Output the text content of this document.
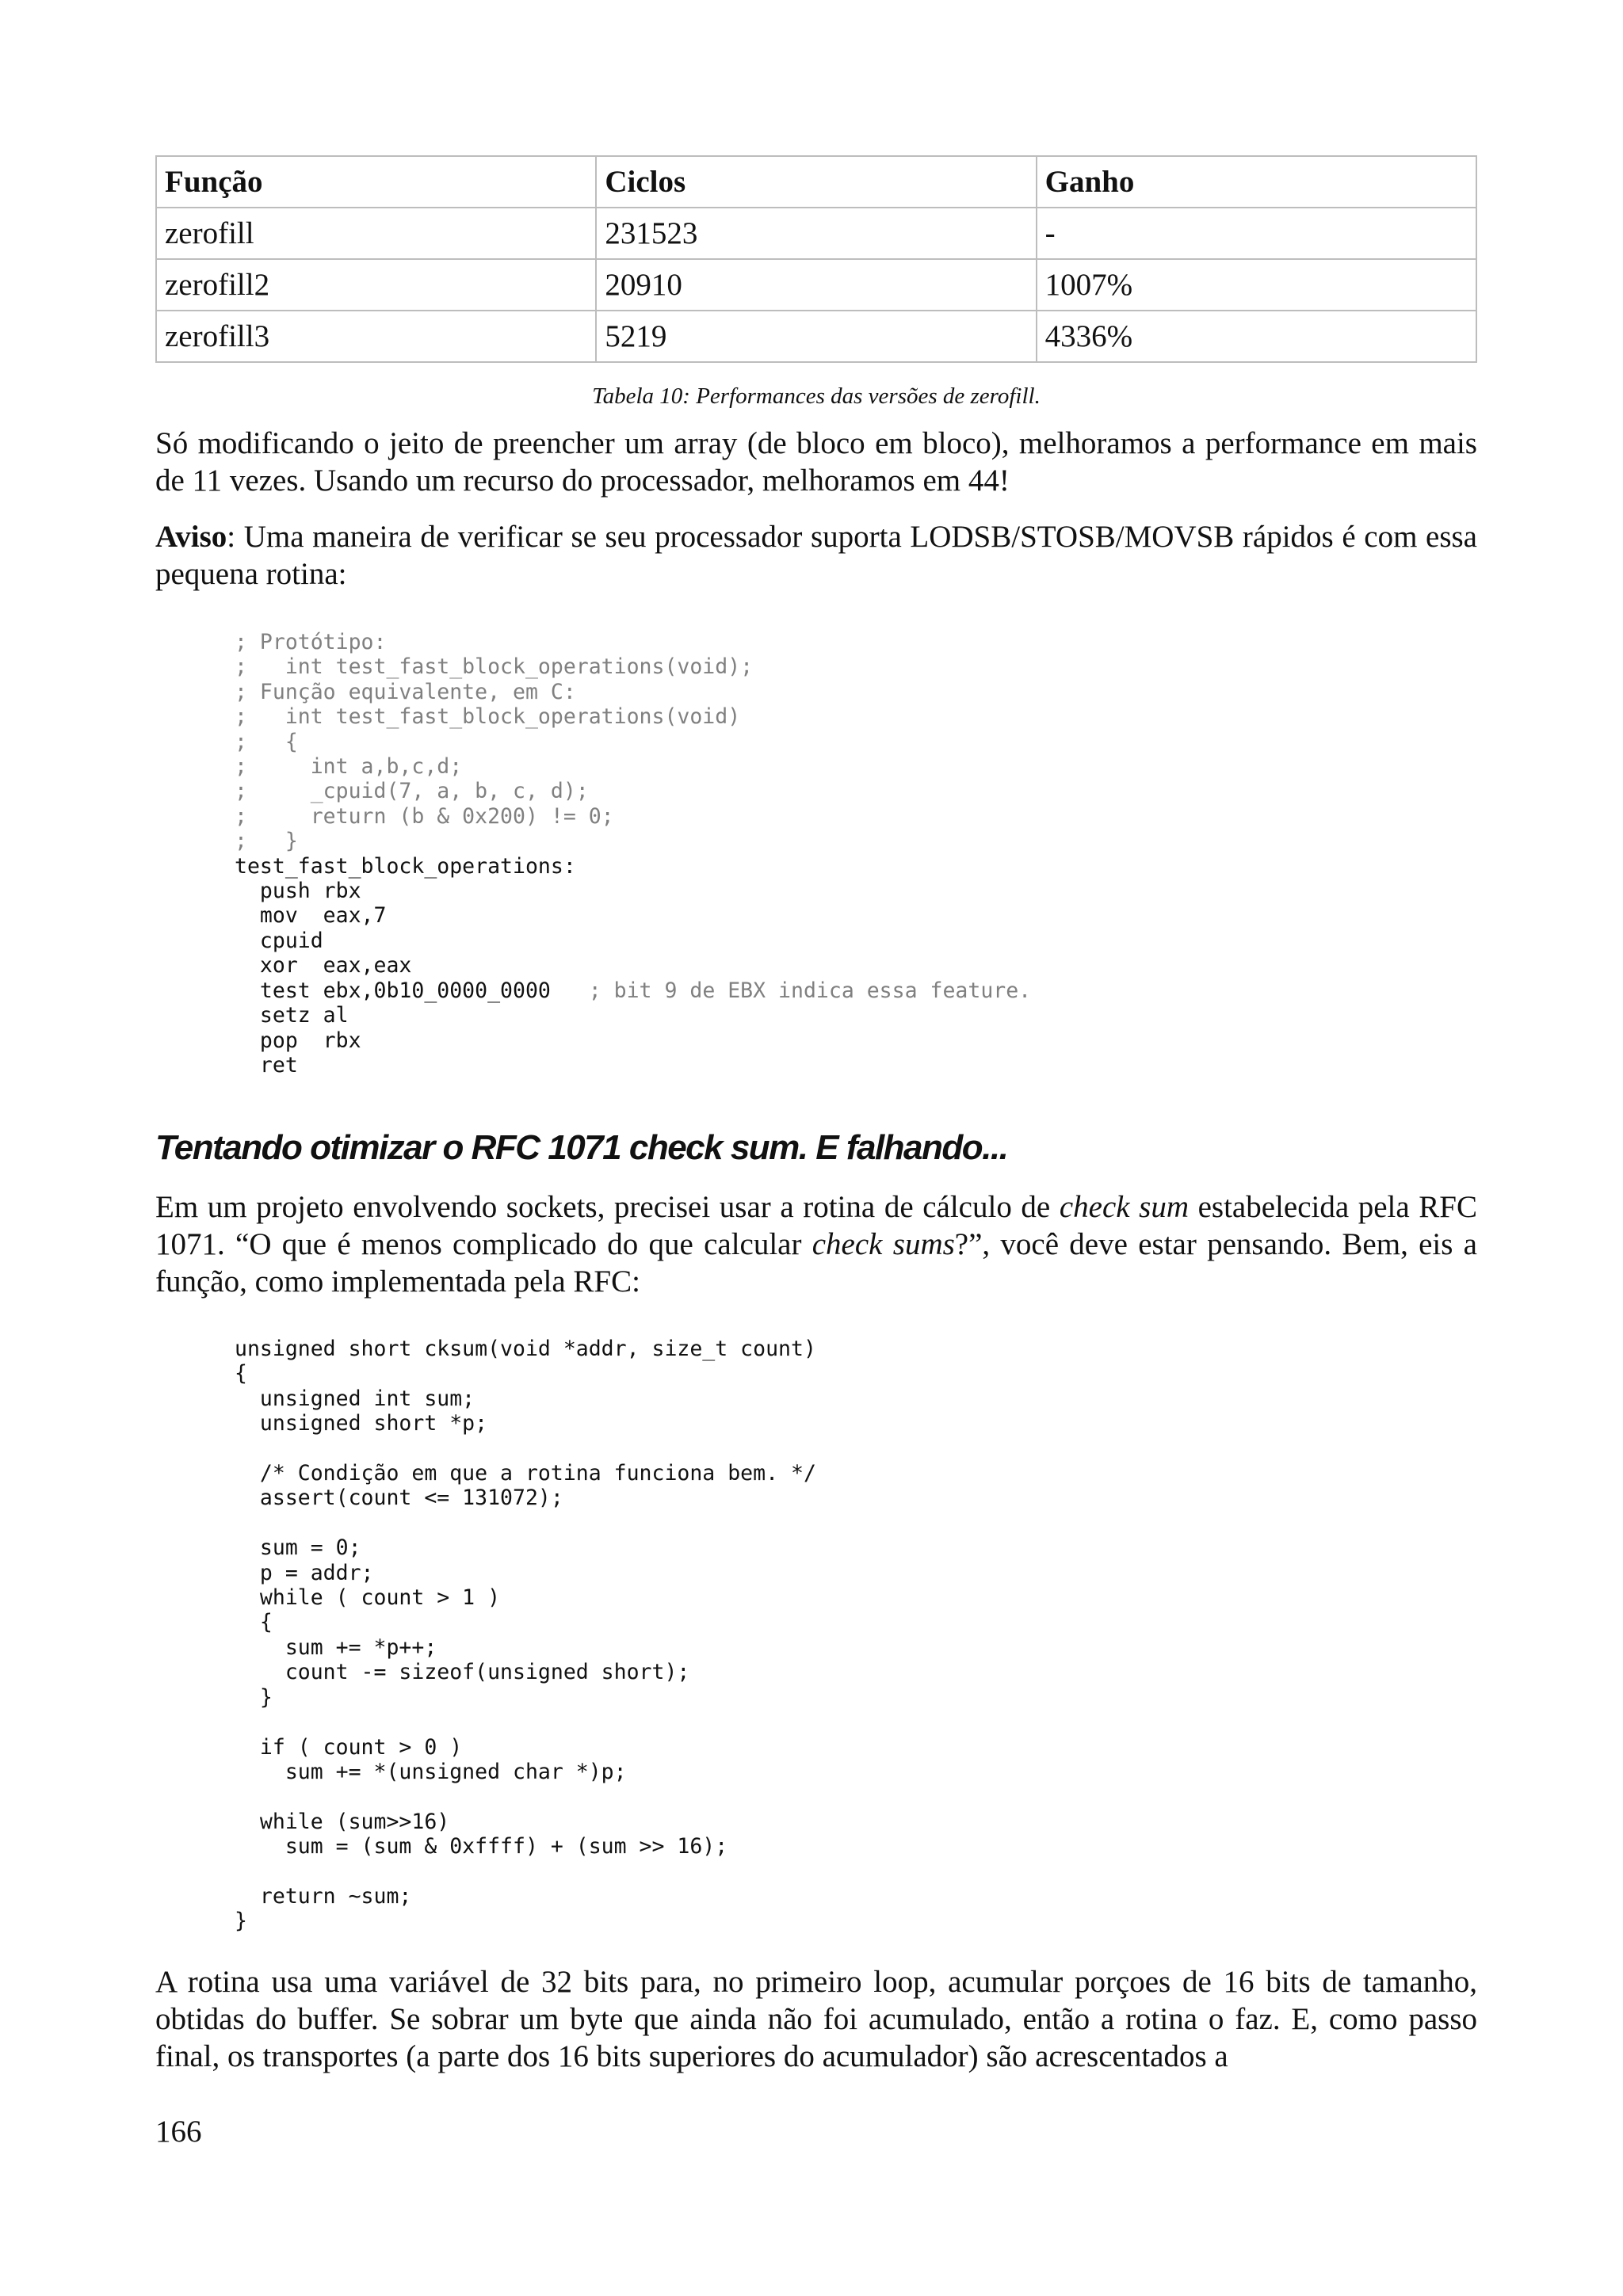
Função	Ciclos	Ganho
zerofill	231523	-
zerofill2	20910	1007%
zerofill3	5219	4336%
Tabela 10: Performances das versões de zerofill.

Só modificando o jeito de preencher um array (de bloco em bloco), melhoramos a performance em mais de 11 vezes. Usando um recurso do processador, melhoramos em 44!

Aviso: Uma maneira de verificar se seu processador suporta LODSB/STOSB/MOVSB rápidos é com essa pequena rotina:

; Protótipo:
;   int test_fast_block_operations(void);
; Função equivalente, em C:
;   int test_fast_block_operations(void)
;   {
;     int a,b,c,d;
;     _cpuid(7, a, b, c, d);
;     return (b & 0x200) != 0;
;   }
test_fast_block_operations:
push rbx
mov  eax,7
cpuid
xor  eax,eax
test ebx,0b10_0000_0000   ; bit 9 de EBX indica essa feature.
setz al
pop  rbx
ret
Tentando otimizar o RFC 1071 check sum. E falhando...

Em um projeto envolvendo sockets, precisei usar a rotina de cálculo de check sum estabelecida pela RFC 1071. “O que é menos complicado do que calcular check sums?”, você deve estar pensando. Bem, eis a função, como implementada pela RFC:

unsigned short cksum(void *addr, size_t count)
{
unsigned int sum;
unsigned short *p;

/* Condição em que a rotina funciona bem. */
assert(count <= 131072);

sum = 0;
p = addr;
while ( count > 1 )
{
sum += *p++;
count -= sizeof(unsigned short);
}

if ( count > 0 )
sum += *(unsigned char *)p;

while (sum>>16)
sum = (sum & 0xffff) + (sum >> 16);

return ~sum;
}

A rotina usa uma variável de 32 bits para, no primeiro loop, acumular porçoes de 16 bits de tamanho, obtidas do buffer. Se sobrar um byte que ainda não foi acumulado, então a rotina o faz. E, como passo final, os transportes (a parte dos 16 bits superiores do acumulador) são acrescentados a

166
